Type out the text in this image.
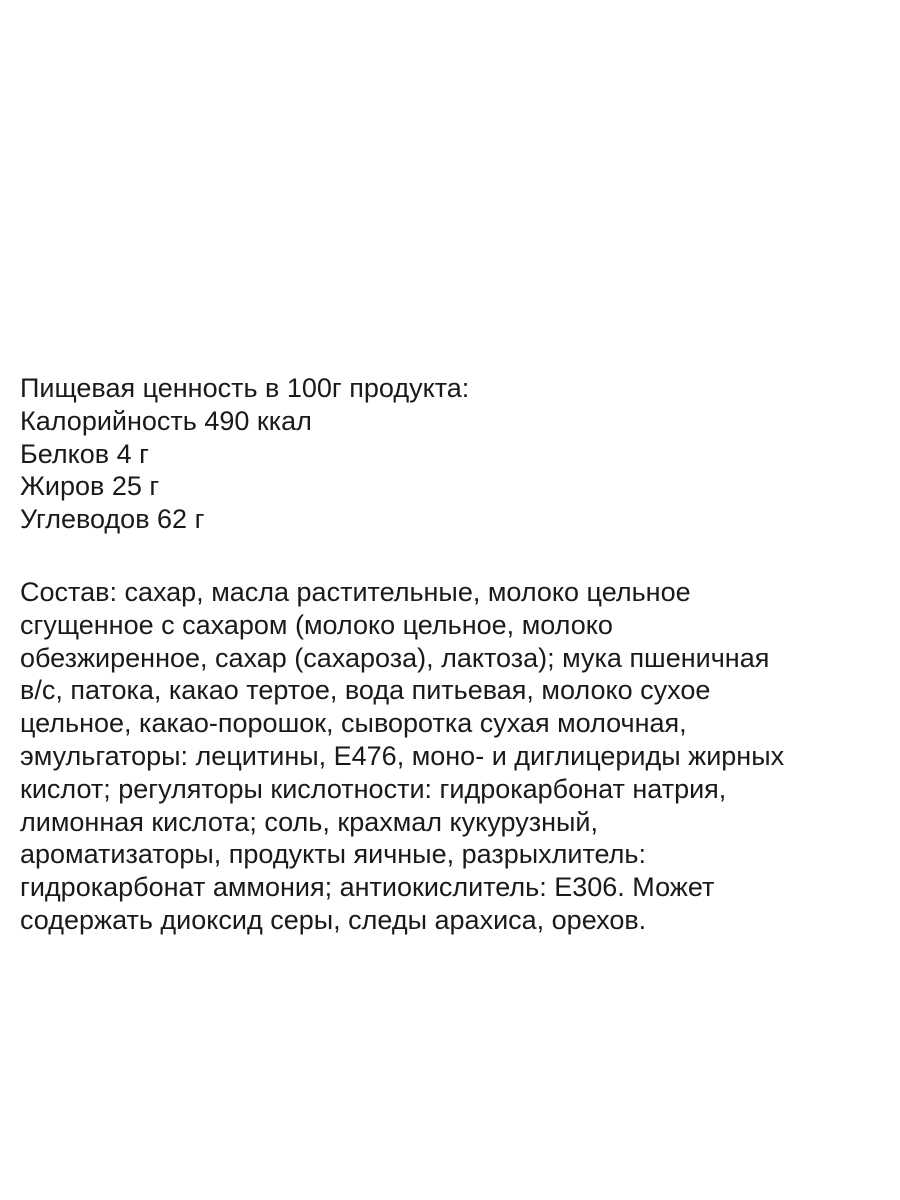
Пищевая ценность в 100г продукта:
Калорийность 490 ккал
Белков 4 г
Жиров 25 г
Углеводов 62 г
Состав: сахар, масла растительные, молоко цельное
сгущенное с сахаром (молоко цельное, молоко
обезжиренное, сахар (сахароза), лактоза); мука пшеничная
в/с, патока, какао тертое, вода питьевая, молоко сухое
цельное, какао-порошок, сыворотка сухая молочная,
эмульгаторы: лецитины, Е476, моно- и диглицериды жирных
кислот; регуляторы кислотности: гидрокарбонат натрия,
лимонная кислота; соль, крахмал кукурузный,
ароматизаторы, продукты яичные, разрыхлитель:
гидрокарбонат аммония; антиокислитель: Е306. Может
содержать диоксид серы, следы арахиса, орехов.
